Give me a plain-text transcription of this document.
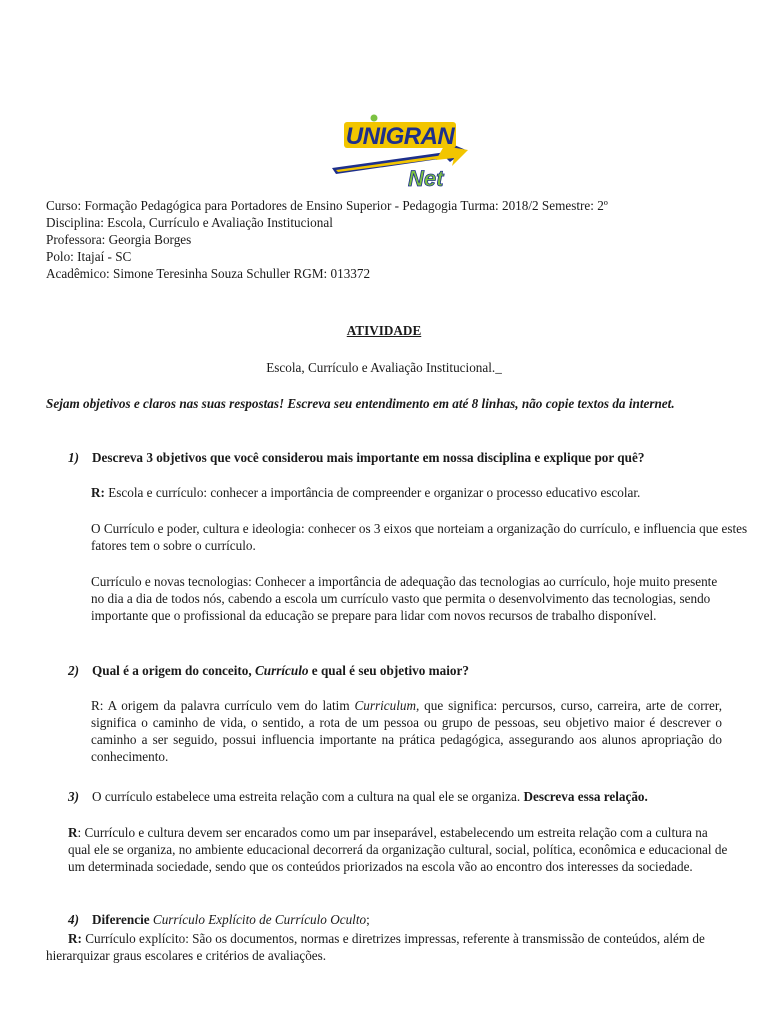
UNIGRAN
Net
Curso: Formação Pedagógica para Portadores de Ensino Superior - Pedagogia Turma: 2018/2 Semestre: 2º
Disciplina: Escola, Currículo e Avaliação Institucional
Professora: Georgia Borges
Polo: Itajaí - SC
Acadêmico: Simone Teresinha Souza Schuller RGM: 013372
ATIVIDADE
Escola, Currículo e Avaliação Institucional._
Sejam objetivos e claros nas suas respostas! Escreva seu entendimento em até 8 linhas, não copie textos da internet.
1) Descreva 3 objetivos que você considerou mais importante em nossa disciplina e explique por quê?
R: Escola e currículo: conhecer a importância de compreender e organizar o processo educativo escolar.

O Currículo e poder, cultura e ideologia: conhecer os 3 eixos que norteiam a organização do currículo, e influencia que estes fatores tem o sobre o currículo.

Currículo e novas tecnologias: Conhecer a importância de adequação das tecnologias ao currículo, hoje muito presente no dia a dia de todos nós, cabendo a escola um currículo vasto que permita o desenvolvimento das tecnologias, sendo importante que o profissional da educação se prepare para lidar com novos recursos de trabalho disponível.

2) Qual é a origem do conceito, Currículo e qual é seu objetivo maior?

R: A origem da palavra currículo vem do latim Curriculum, que significa: percursos, curso, carreira, arte de correr, significa o caminho de vida, o sentido, a rota de um pessoa ou grupo de pessoas, seu objetivo maior é descrever o caminho a ser seguido, possui influencia importante na prática pedagógica, assegurando aos alunos apropriação do conhecimento.

3) O currículo estabelece uma estreita relação com a cultura na qual ele se organiza. Descreva essa relação.

R: Currículo e cultura devem ser encarados como um par inseparável, estabelecendo um estreita relação com a cultura na qual ele se organiza, no ambiente educacional decorrerá da organização cultural, social, política, econômica e educacional de um determinada sociedade, sendo que os conteúdos priorizados na escola vão ao encontro dos interesses da sociedade.

4) Diferencie Currículo Explícito de Currículo Oculto;

R: Currículo explícito: São os documentos, normas e diretrizes impressas, referente à transmissão de conteúdos, além de hierarquizar graus escolares e critérios de avaliações.
